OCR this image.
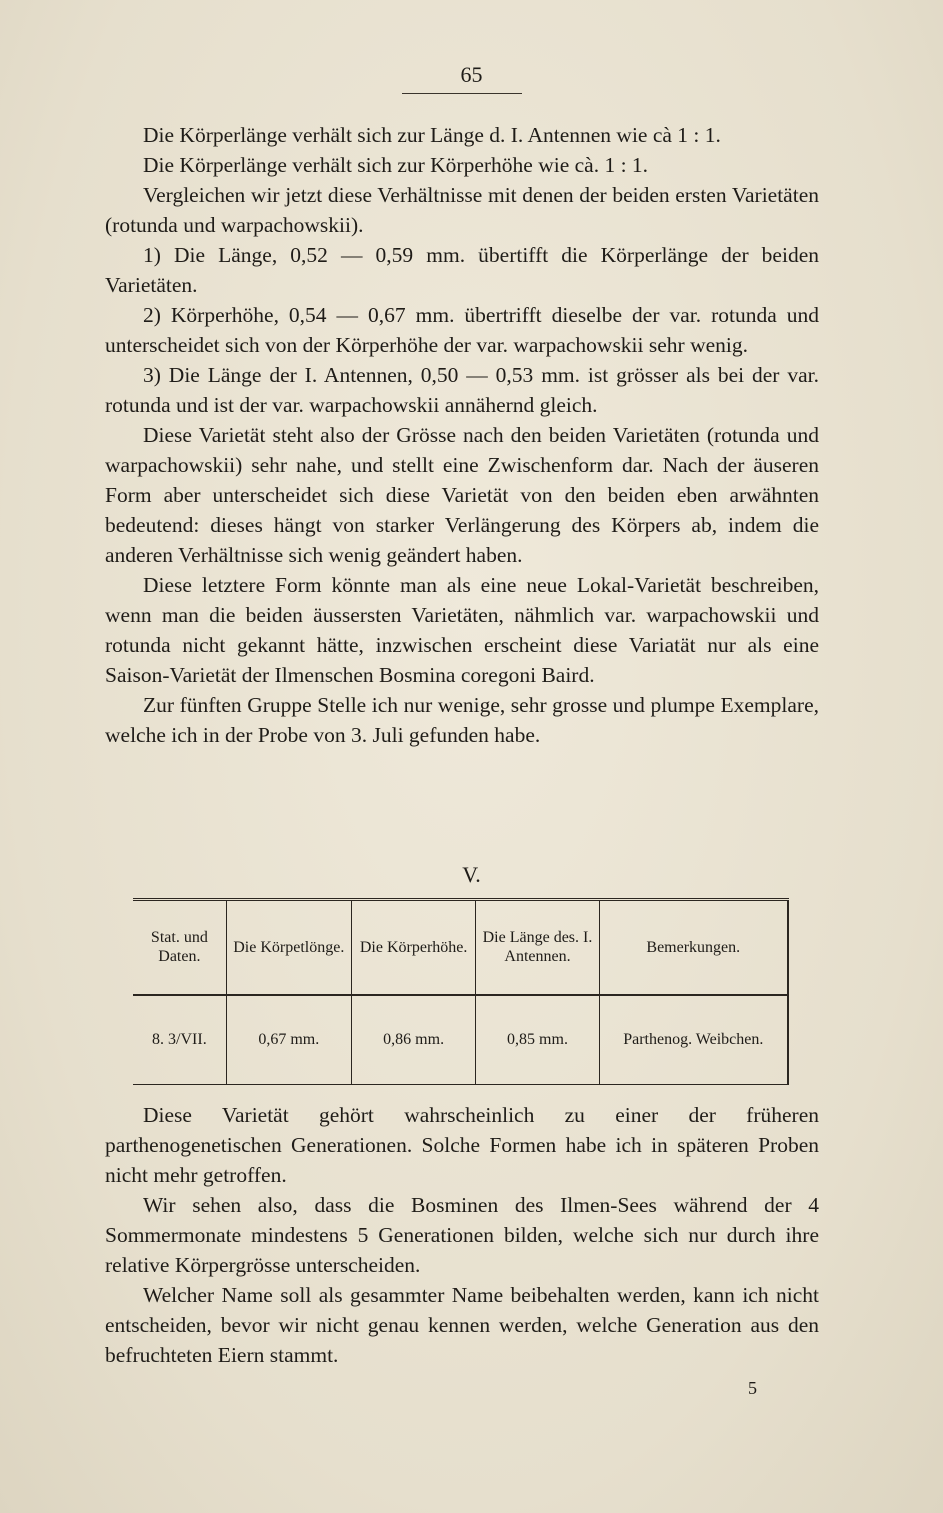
65

Die Körperlänge verhält sich zur Länge d. I. Antennen wie cà 1 : 1.

Die Körperlänge verhält sich zur Körperhöhe wie cà. 1 : 1.

Vergleichen wir jetzt diese Verhältnisse mit denen der beiden ersten Varietäten (rotunda und warpachowskii).

1) Die Länge, 0,52 — 0,59 mm. übertifft die Körperlänge der beiden Varietäten.

2) Körperhöhe, 0,54 — 0,67 mm. übertrifft dieselbe der var. rotunda und unterscheidet sich von der Körperhöhe der var. warpachowskii sehr wenig.

3) Die Länge der I. Antennen, 0,50 — 0,53 mm. ist grösser als bei der var. rotunda und ist der var. warpachowskii annähernd gleich.

Diese Varietät steht also der Grösse nach den beiden Varietäten (rotunda und warpachowskii) sehr nahe, und stellt eine Zwischenform dar. Nach der äuseren Form aber unterscheidet sich diese Varietät von den beiden eben arwähnten bedeutend: dieses hängt von starker Verlängerung des Körpers ab, indem die anderen Verhältnisse sich wenig geändert haben.

Diese letztere Form könnte man als eine neue Lokal-Varietät beschreiben, wenn man die beiden äussersten Varietäten, nähmlich var. warpachowskii und rotunda nicht gekannt hätte, inzwischen erscheint diese Variatät nur als eine Saison-Varietät der Ilmenschen Bosmina coregoni Baird.

Zur fünften Gruppe Stelle ich nur wenige, sehr grosse und plumpe Exemplare, welche ich in der Probe von 3. Juli gefunden habe.

V.
Stat. und Daten.	Die Körpetlönge.	Die Körperhöhe.	Die Länge des. I. Antennen.	Bemerkungen.
8. 3/VII.	0,67 mm.	0,86 mm.	0,85 mm.	Parthenog. Weibchen.

Diese Varietät gehört wahrscheinlich zu einer der früheren parthenogenetischen Generationen. Solche Formen habe ich in späteren Proben nicht mehr getroffen.

Wir sehen also, dass die Bosminen des Ilmen-Sees während der 4 Sommermonate mindestens 5 Generationen bilden, welche sich nur durch ihre relative Körpergrösse unterscheiden.

Welcher Name soll als gesammter Name beibehalten werden, kann ich nicht entscheiden, bevor wir nicht genau kennen werden, welche Generation aus den befruchteten Eiern stammt.

5
